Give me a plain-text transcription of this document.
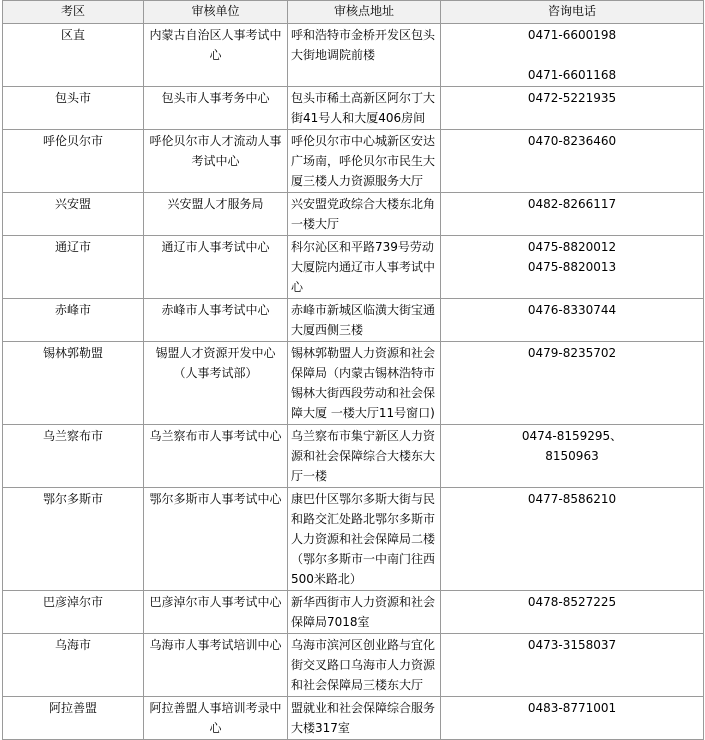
考区	审核单位	审核点地址	咨询电话
区直	内蒙古自治区人事考试中心	呼和浩特市金桥开发区包头大街地调院前楼	0471-6600198
0471-6601168

包头市	包头市人事考务中心	包头市稀土高新区阿尔丁大街41号人和大厦406房间	0472-5221935

呼伦贝尔市	呼伦贝尔市人才流动人事考试中心	呼伦贝尔市中心城新区安达广场南，呼伦贝尔市民生大厦三楼人力资源服务大厅	0470-8236460

兴安盟	兴安盟人才服务局	兴安盟党政综合大楼东北角一楼大厅	0482-8266117

通辽市	通辽市人事考试中心	科尔沁区和平路739号劳动大厦院内通辽市人事考试中心	0475-8820012
0475-8820013

赤峰市	赤峰市人事考试中心	赤峰市新城区临潢大街宝通大厦西侧三楼	0476-8330744

锡林郭勒盟	锡盟人才资源开发中心（人事考试部）	锡林郭勒盟人力资源和社会保障局（内蒙古锡林浩特市锡林大街西段劳动和社会保障大厦 一楼大厅11号窗口)	0479-8235702

乌兰察布市	乌兰察布市人事考试中心	乌兰察布市集宁新区人力资源和社会保障综合大楼东大厅一楼	0474-8159295、
8150963

鄂尔多斯市	鄂尔多斯市人事考试中心	康巴什区鄂尔多斯大街与民和路交汇处路北鄂尔多斯市人力资源和社会保障局二楼（鄂尔多斯市一中南门往西500米路北）	0477-8586210

巴彦淖尔市	巴彦淖尔市人事考试中心	新华西街市人力资源和社会保障局7018室	0478-8527225

乌海市	乌海市人事考试培训中心	乌海市滨河区创业路与宜化街交叉路口乌海市人力资源和社会保障局三楼东大厅	0473-3158037

阿拉善盟	阿拉善盟人事培训考录中心	盟就业和社会保障综合服务大楼317室	0483-8771001
